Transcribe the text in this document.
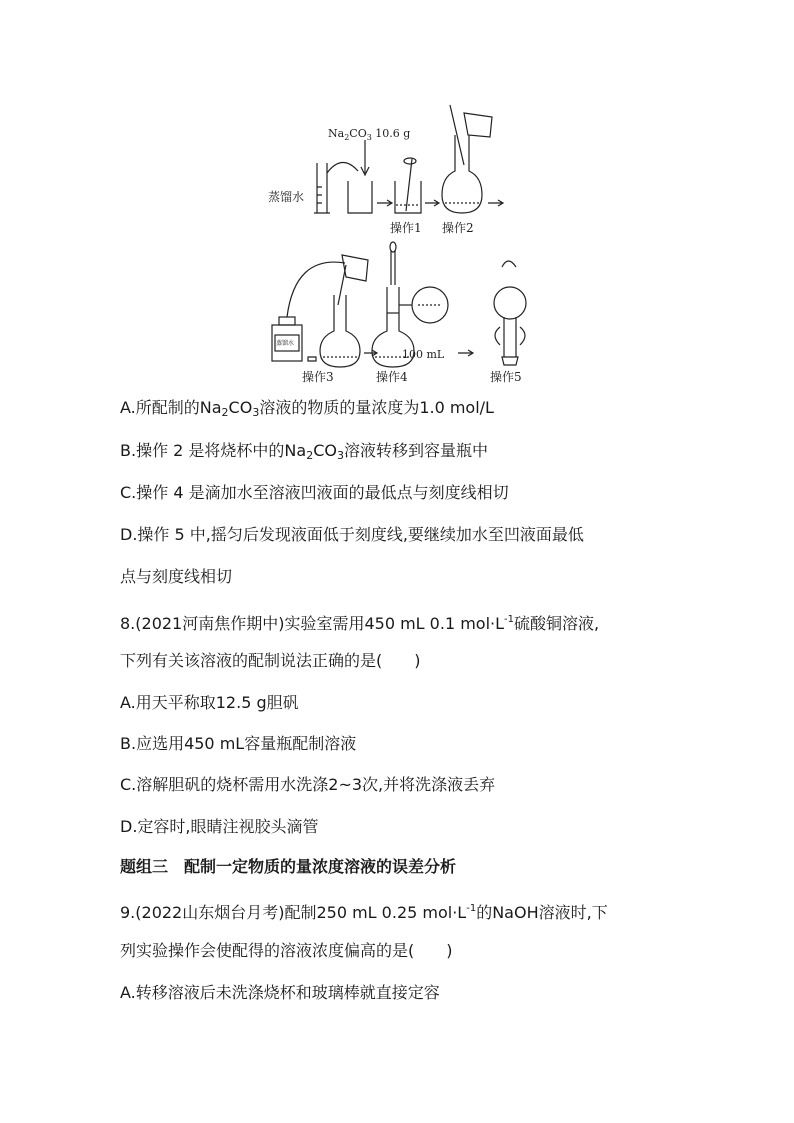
$Na_2CO_3$ 10.6 g
蒸馏水
蒸馏水
100 mL
操作1 操作2
操作3	操作4	操作5
A.所配制的$Na_2CO_3$溶液的物质的量浓度为1.0 mol/L
B.操作 2 是将烧杯中的$Na_2CO_3$溶液转移到容量瓶中
C.操作 4 是滴加水至溶液凹液面的最低点与刻度线相切
D.操作 5 中,摇匀后发现液面低于刻度线,要继续加水至凹液面最低
点与刻度线相切
8.(2021河南焦作期中)实验室需用450 mL 0.1 $mol\cdot L^{-1}$硫酸铜溶液,
下列有关该溶液的配制说法正确的是(　　)
A.用天平称取12.5 g胆矾
B.应选用450 mL容量瓶配制溶液
C.溶解胆矾的烧杯需用水洗涤2~3次,并将洗涤液丢弃
D.定容时,眼睛注视胶头滴管
题组三　配制一定物质的量浓度溶液的误差分析
9.(2022山东烟台月考)配制250 mL 0.25 $mol\cdot L^{-1}$的NaOH溶液时,下
列实验操作会使配得的溶液浓度偏高的是(　　)
A.转移溶液后未洗涤烧杯和玻璃棒就直接定容
